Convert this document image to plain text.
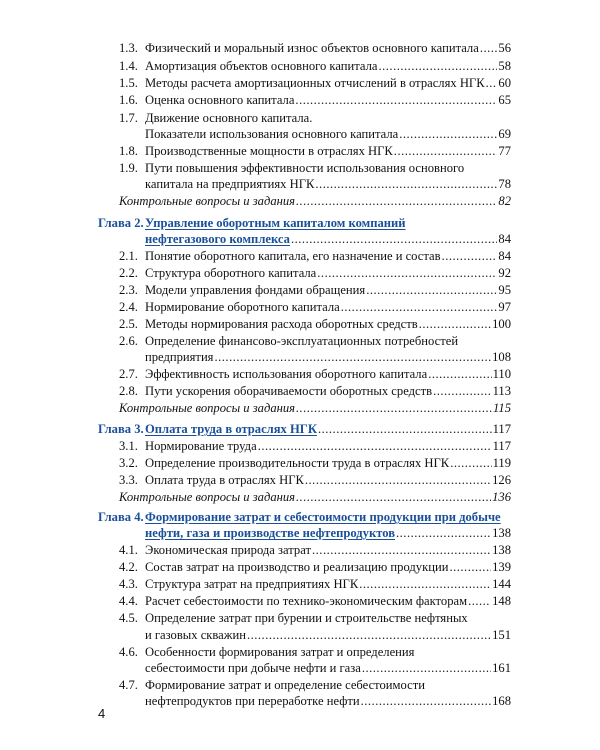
1.3. Физический и моральный износ объектов основного капитала ..... 56
1.4. Амортизация объектов основного капитала .....	58
1.5. Методы расчета амортизационных отчислений в отраслях НГК ..... 60
1.6. Оценка основного капитала .....	65
1.7. Движение основного капитала.
Показатели использования основного капитала .....	69
1.8. Производственные мощности в отраслях НГК .....	77
1.9. Пути повышения эффективности использования основного
капитала на предприятиях НГК .....	78
Контрольные вопросы и задания .....	82
Глава 2. Управление оборотным капиталом компаний
нефтегазового комплекса .....	84
2.1. Понятие оборотного капитала, его назначение и состав .....	84
2.2. Структура оборотного капитала .....	92
2.3. Модели управления фондами обращения .....	95
2.4. Нормирование оборотного капитала .....	97
2.5. Методы нормирования расхода оборотных средств .....	100
2.6. Определение финансово-эксплуатационных потребностей
предприятия .....	108
2.7. Эффективность использования оборотного капитала .....	110
2.8. Пути ускорения оборачиваемости оборотных средств .....	113
Контрольные вопросы и задания .....	115
Глава 3. Оплата труда в отраслях НГК .....	117
3.1. Нормирование труда .....	117
3.2. Определение производительности труда в отраслях НГК .....	119
3.3. Оплата труда в отраслях НГК .....	126
Контрольные вопросы и задания .....	136
Глава 4. Формирование затрат и себестоимости продукции при добыче
нефти, газа и производстве нефтепродуктов .....	138
4.1. Экономическая природа затрат .....	138
4.2. Состав затрат на производство и реализацию продукции .....	139
4.3. Структура затрат на предприятиях НГК .....	144
4.4. Расчет себестоимости по технико-экономическим факторам ..... 148
4.5. Определение затрат при бурении и строительстве нефтяных
и газовых скважин .....	151
4.6. Особенности формирования затрат и определения
себестоимости при добыче нефти и газа .....	161
4.7. Формирование затрат и определение себестоимости
нефтепродуктов при переработке нефти .....	168
4
